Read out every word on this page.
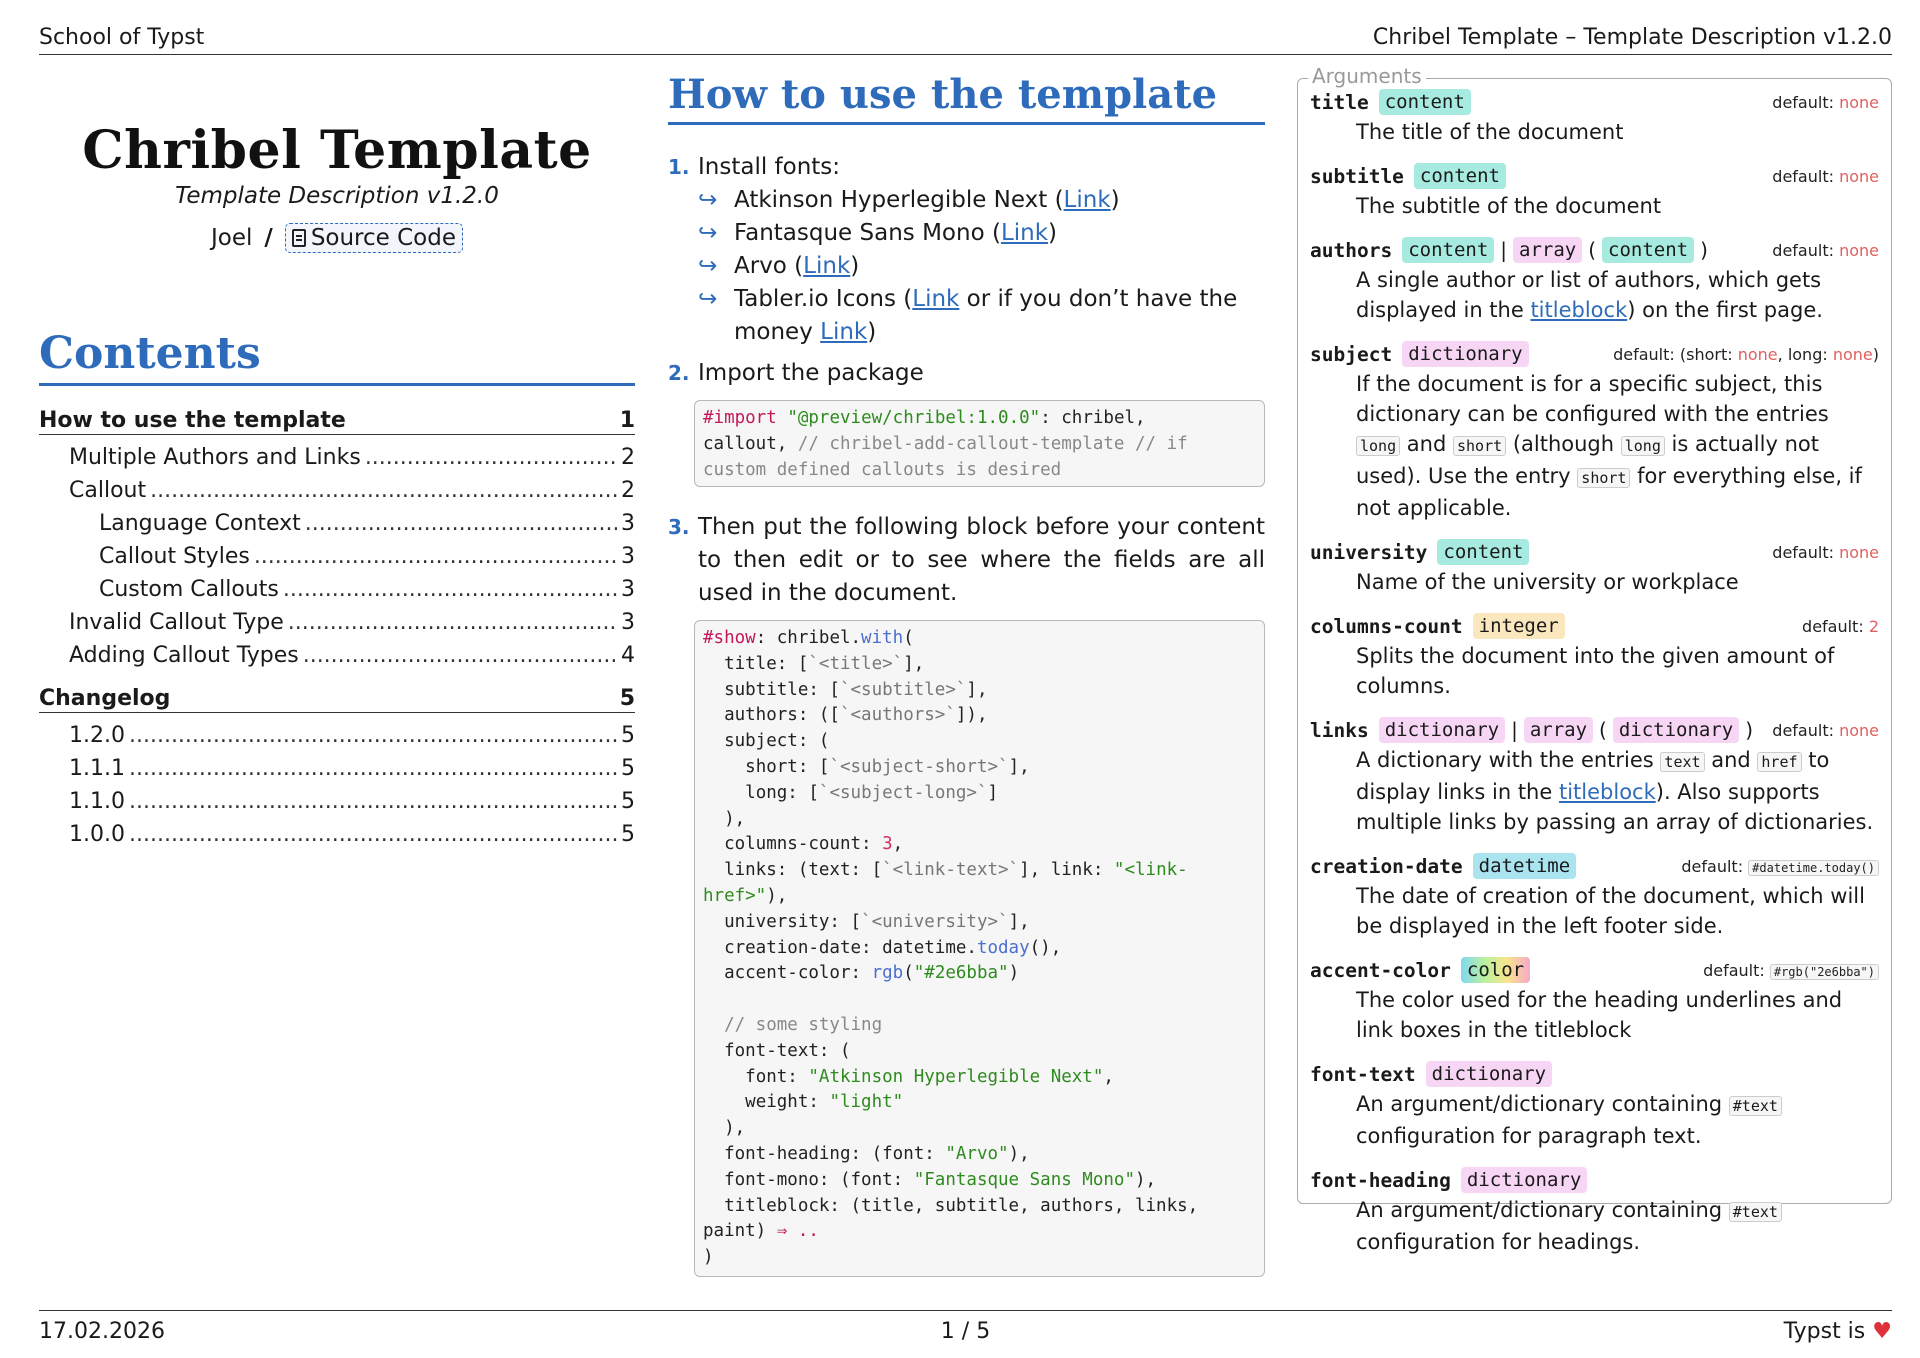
School of Typst	Chribel Template – Template Description v1.2.0
Chribel Template
Template Description v1.2.0
Joel / Source Code
Contents
How to use the template	1
Multiple Authors and Links .....	2
Callout .....	2
Language Context .....	3
Callout Styles .....	3
Custom Callouts .....	3
Invalid Callout Type .....	3
Adding Callout Types .....	4
Changelog	5
1.2.0 .....	5
1.1.1 .....	5
1.1.0 .....	5
1.0.0 .....	5
How to use the template
1. Install fonts:
↪ Atkinson Hyperlegible Next (Link)
↪ Fantasque Sans Mono (Link)
↪ Arvo (Link)
↪ Tabler.io Icons (Link or if you don’t have the money Link)
2. Import the package
#import "@preview/chribel:1.0.0": chribel,
callout, // chribel-add-callout-template // if
custom defined callouts is desired
3. Then put the following block before your content to then edit or to see where the fields are all used in the document.
#show: chribel.with(
title: [`<title>`],
subtitle: [`<subtitle>`],
authors: ([`<authors>`]),
subject: (
short: [`<subject-short>`],
long: [`<subject-long>`]
),
columns-count: 3,
links: (text: [`<link-text>`], link: "<link-
href>"),
university: [`<university>`],
creation-date: datetime.today(),
accent-color: rgb("#2e6bba")

// some styling
font-text: (
font: "Atkinson Hyperlegible Next",
weight: "light"
),
font-heading: (font: "Arvo"),
font-mono: (font: "Fantasque Sans Mono"),
titleblock: (title, subtitle, authors, links,
paint) ⇒ ..
)
Arguments
title content	default: none
The title of the document
subtitle content	default: none
The subtitle of the document
authors content | array ( content )	default: none
A single author or list of authors, which gets displayed in the titleblock) on the first page.
subject dictionary	default: (short: none, long: none)
If the document is for a specific subject, this dictionary can be configured with the entries long and short (although long is actually not used). Use the entry short for everything else, if not applicable.
university content	default: none
Name of the university or workplace
columns-count integer	default: 2
Splits the document into the given amount of columns.
links dictionary | array ( dictionary ) default: none
A dictionary with the entries text and href to display links in the titleblock). Also supports multiple links by passing an array of dictionaries.
creation-date datetime	default: #datetime.today()
The date of creation of the document, which will be displayed in the left footer side.
accent-color color	default: #rgb("2e6bba")
The color used for the heading underlines and link boxes in the titleblock
font-text dictionary
An argument/dictionary containing #text configuration for paragraph text.
font-heading dictionary
An argument/dictionary containing #text configuration for headings.
17.02.2026	1 / 5	Typst is ♥
